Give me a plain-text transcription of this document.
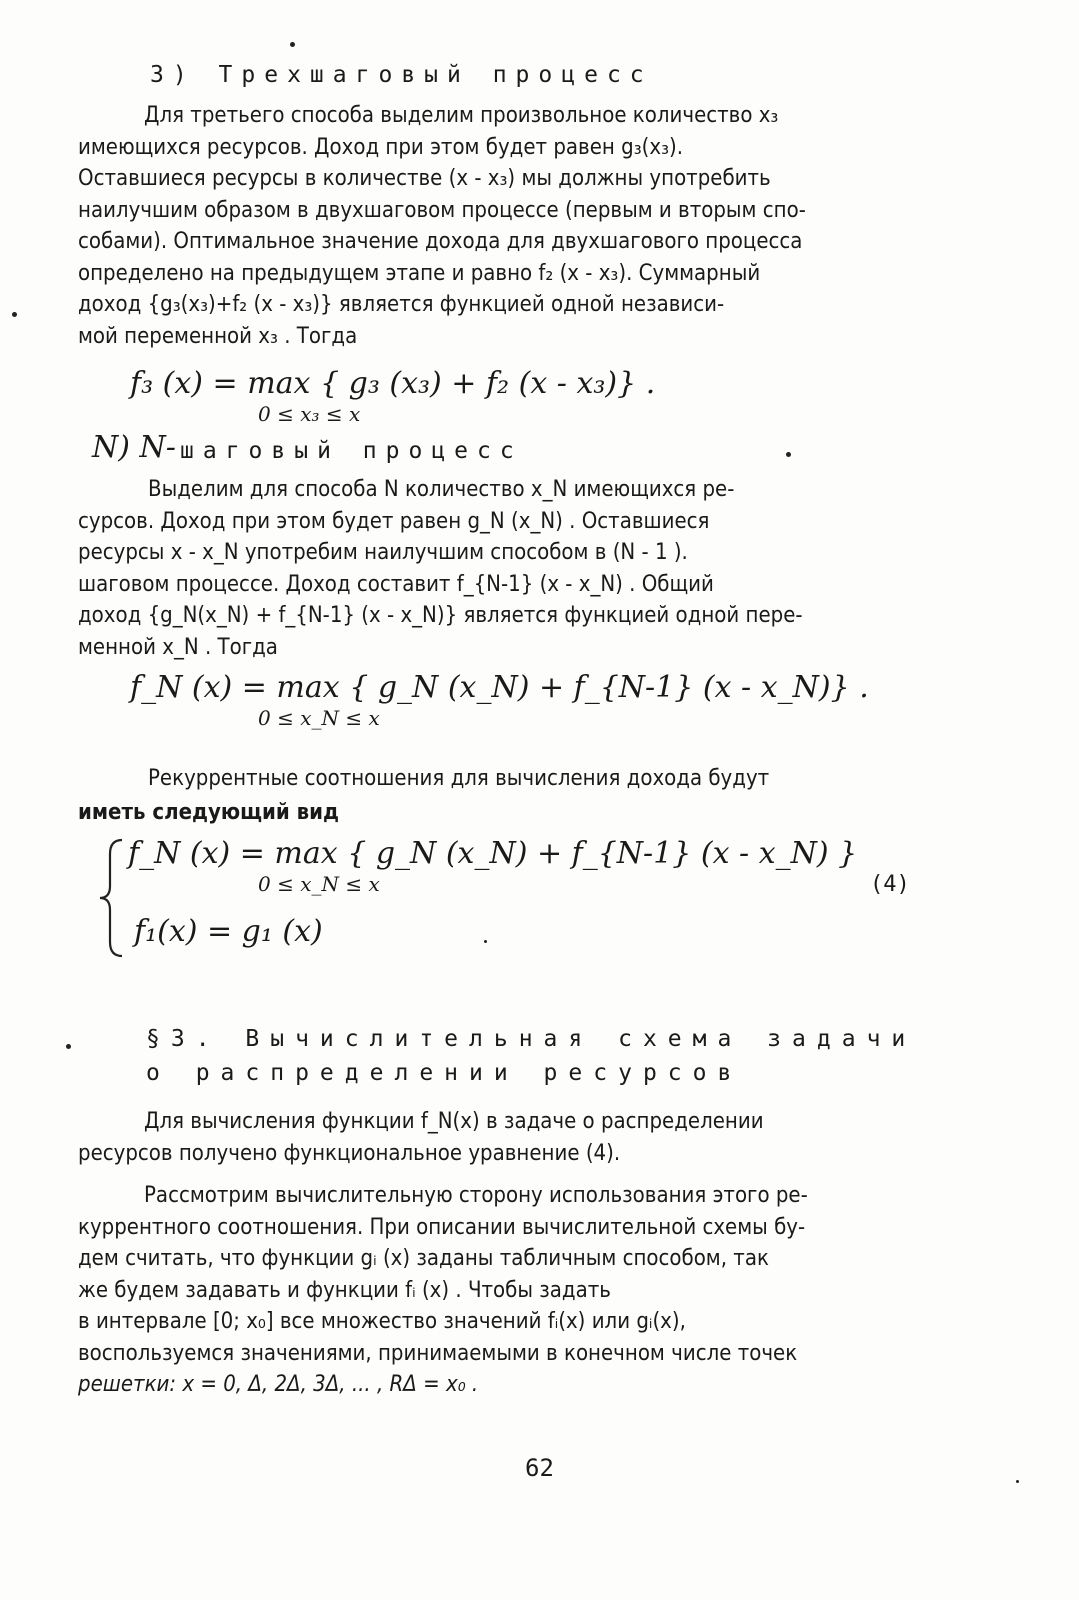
3) Трехшаговый процесс
Для третьего способа выделим произвольное количество x₃
имеющихся ресурсов. Доход при этом будет равен g₃(x₃).
Оставшиеся ресурсы в количестве (x - x₃) мы должны употребить
наилучшим образом в двухшаговом процессе (первым и вторым спо-
собами). Оптимальное значение дохода для двухшагового процесса
определено на предыдущем этапе и равно f₂ (x - x₃). Суммарный
доход {g₃(x₃)+f₂ (x - x₃)} является функцией одной независи-
мой переменной x₃ . Тогда
f₃ (x) = max { g₃ (x₃) + f₂ (x - x₃)} .
0 ≤ x₃ ≤ x
N) N- шаговый процесс
Выделим для способа N количество x_N имеющихся ре-
сурсов. Доход при этом будет равен g_N (x_N) . Оставшиеся
ресурсы x - x_N употребим наилучшим способом в (N - 1 ).
шаговом процессе. Доход составит f_{N-1} (x - x_N) . Общий
доход {g_N(x_N) + f_{N-1} (x - x_N)} является функцией одной пере-
менной x_N . Тогда
f_N (x) = max { g_N (x_N) + f_{N-1} (x - x_N)} .
0 ≤ x_N ≤ x
Рекуррентные соотношения для вычисления дохода будут
иметь следующий вид
f_N (x) = max { g_N (x_N) + f_{N-1} (x - x_N) }
0 ≤ x_N ≤ x
f₁(x) = g₁ (x)
(4)
§3. Вычислительная схема задачи
о распределении ресурсов
Для вычисления функции f_N(x) в задаче о распределении
ресурсов получено функциональное уравнение (4).
Рассмотрим вычислительную сторону использования этого ре-
куррентного соотношения. При описании вычислительной схемы бу-
дем считать, что функции gᵢ (x) заданы табличным способом, так
же будем задавать и функции fᵢ (x) . Чтобы задать
в интервале [0; x₀] все множество значений fᵢ(x) или gᵢ(x),
воспользуемся значениями, принимаемыми в конечном числе точек
решетки: x = 0, Δ, 2Δ, 3Δ, ... , RΔ = x₀ .
62
